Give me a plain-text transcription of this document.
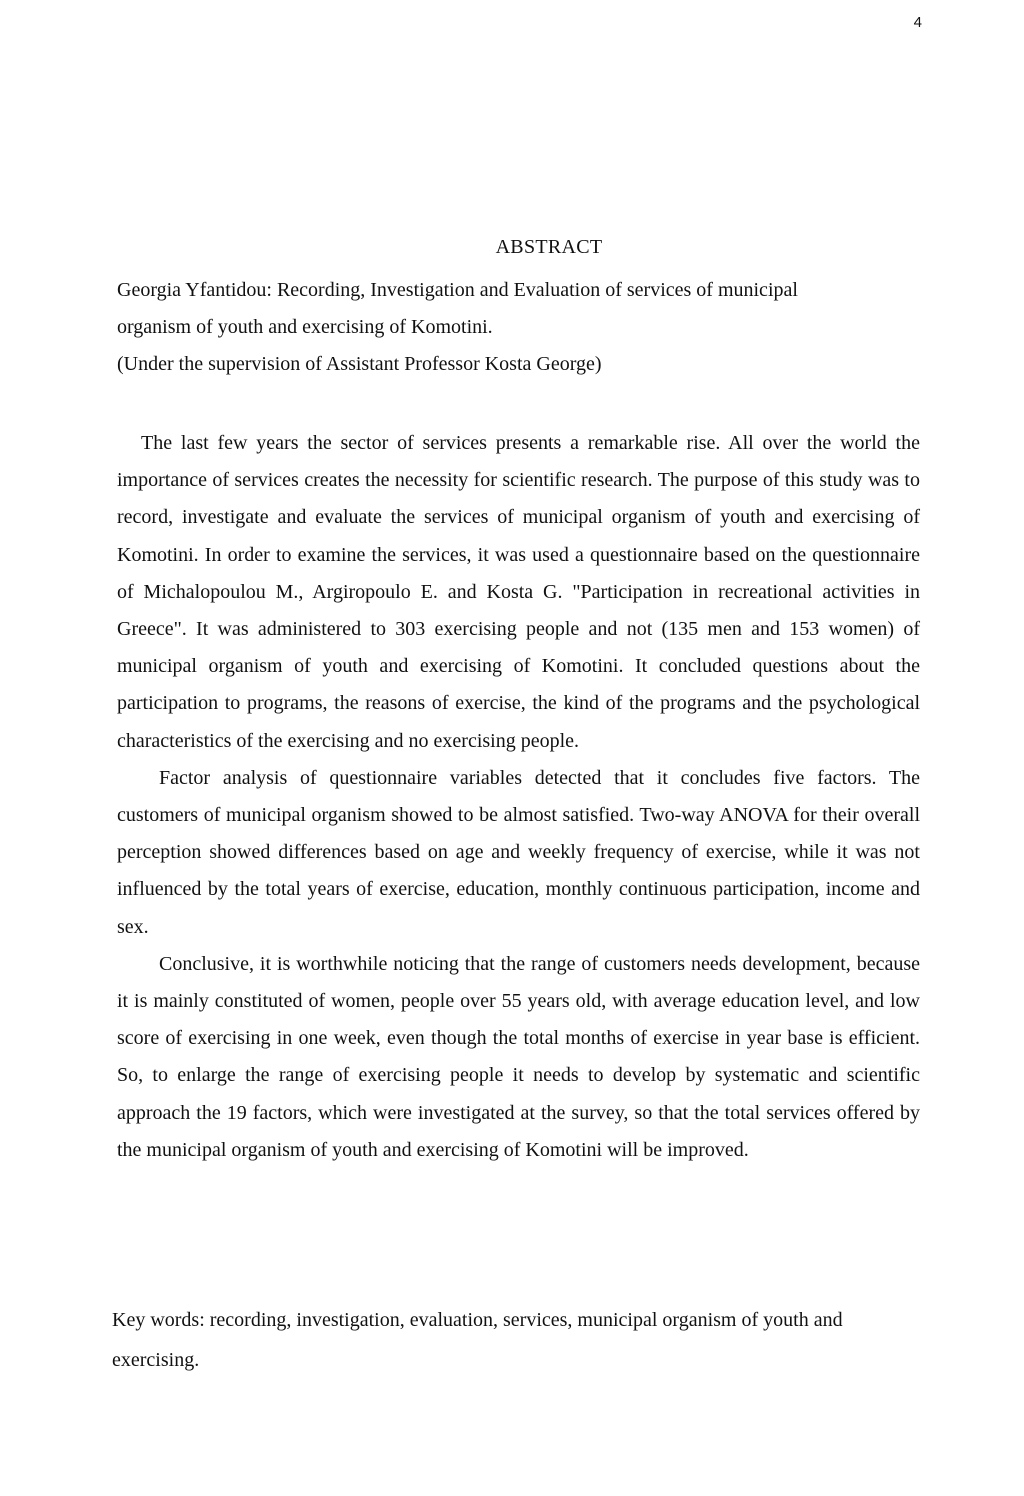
4
ABSTRACT
Georgia Yfantidou: Recording, Investigation and Evaluation of services of municipal
organism of youth and exercising of Komotini.
(Under the supervision of Assistant Professor Kosta George)

The last few years the sector of services presents a remarkable rise. All over the world the importance of services creates the necessity for scientific research. The purpose of this study was to record, investigate and evaluate the services of municipal organism of youth and exercising of Komotini. In order to examine the services, it was used a questionnaire based on the questionnaire of Michalopoulou M., Argiropoulo E. and Kosta G. "Participation in recreational activities in Greece". It was administered to 303 exercising people and not (135 men and 153 women) of municipal organism of youth and exercising of Komotini. It concluded questions about the participation to programs, the reasons of exercise, the kind of the programs and the psychological characteristics of the exercising and no exercising people.

Factor analysis of questionnaire variables detected that it concludes five factors. The customers of municipal organism showed to be almost satisfied. Two-way ANOVA for their overall perception showed differences based on age and weekly frequency of exercise, while it was not influenced by the total years of exercise, education, monthly continuous participation, income and sex.

Conclusive, it is worthwhile noticing that the range of customers needs development, because it is mainly constituted of women, people over 55 years old, with average education level, and low score of exercising in one week, even though the total months of exercise in year base is efficient. So, to enlarge the range of exercising people it needs to develop by systematic and scientific approach the 19 factors, which were investigated at the survey, so that the total services offered by the municipal organism of youth and exercising of Komotini will be improved.

Key words: recording, investigation, evaluation, services, municipal organism of youth and exercising.
